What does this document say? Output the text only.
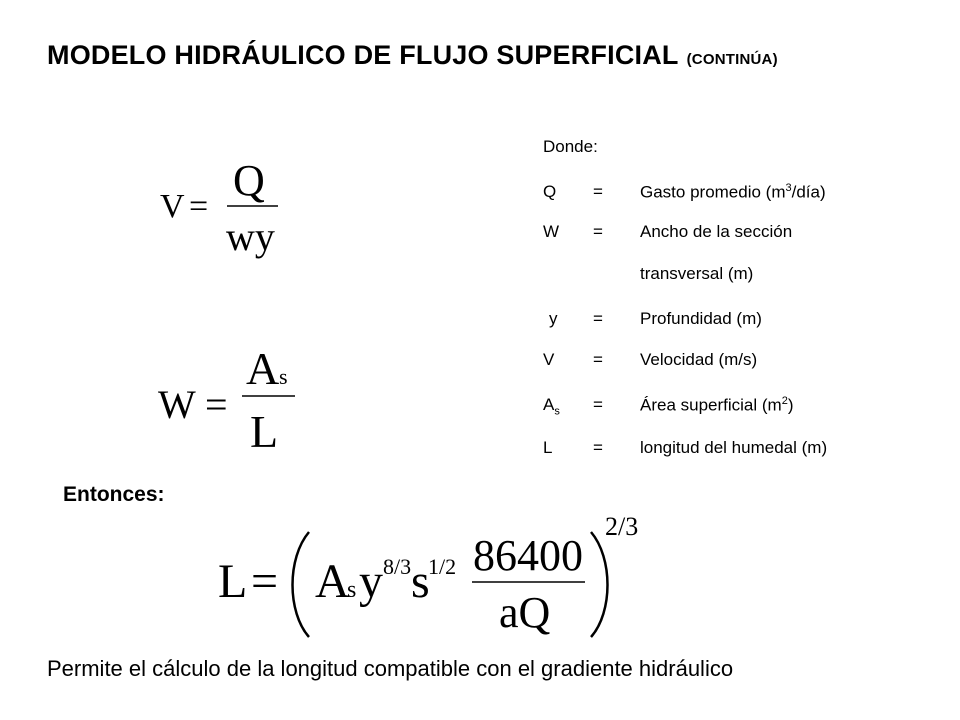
MODELO HIDRÁULICO DE FLUJO SUPERFICIAL (CONTINÚA)
V =
Q
wy
W =
A s
L
Donde:
Q = Gasto promedio $(m^3/día)$
W = Ancho de la sección
transversal (m)
y = Profundidad (m)
V = Velocidad (m/s)
$A_s$ = Área superficial $(m^2)$
L = longitud del humedal (m)
Entonces:
L = A
s y 8/3 s
1/2 86400
aQ
2/3
Permite el cálculo de la longitud compatible con el gradiente hidráulico
